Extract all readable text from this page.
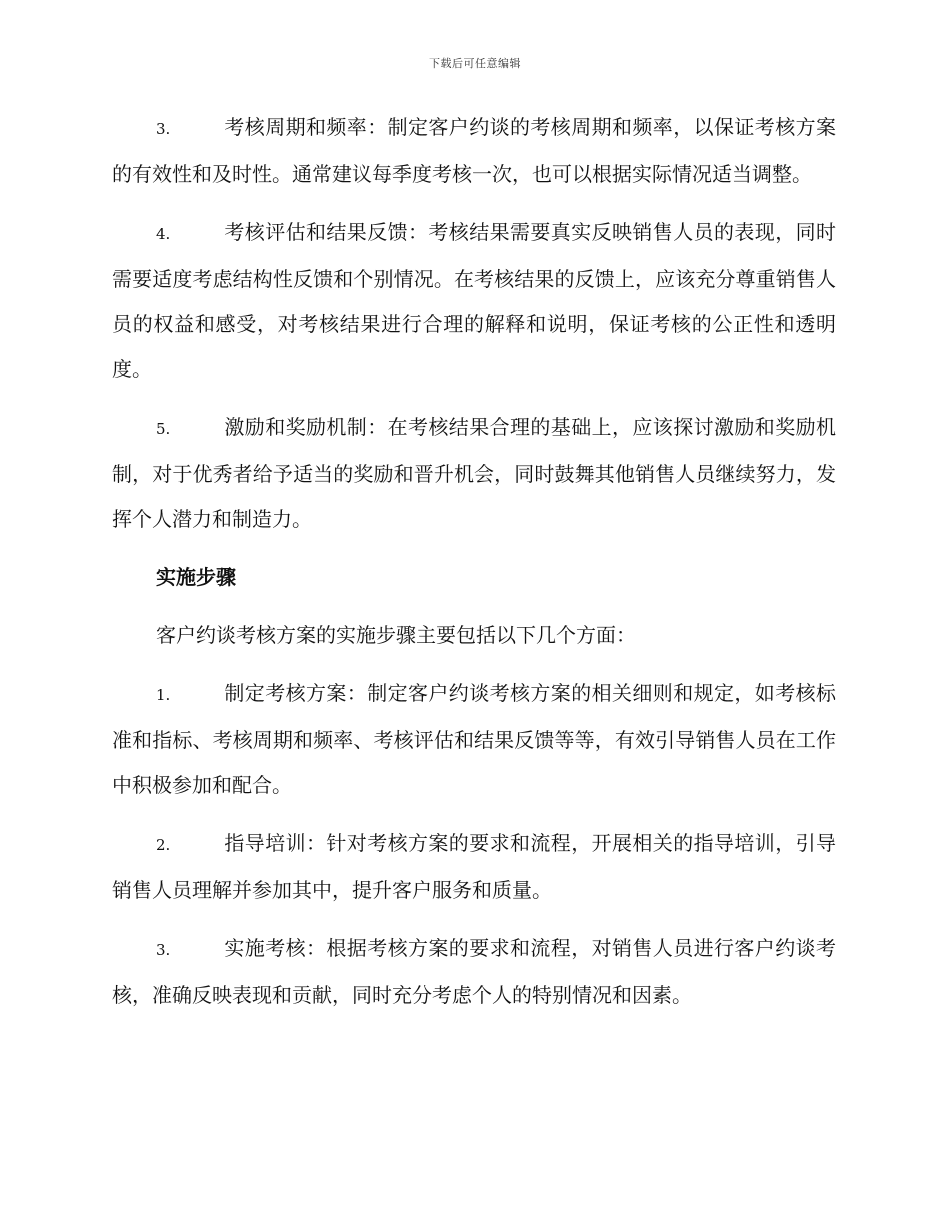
下载后可任意编辑

3.	考核周期和频率：制定客户约谈的考核周期和频率，以保证考核方案的有效性和及时性。通常建议每季度考核一次，也可以根据实际情况适当调整。

4.	考核评估和结果反馈：考核结果需要真实反映销售人员的表现，同时需要适度考虑结构性反馈和个别情况。在考核结果的反馈上，应该充分尊重销售人员的权益和感受，对考核结果进行合理的解释和说明，保证考核的公正性和透明度。

5.	激励和奖励机制：在考核结果合理的基础上，应该探讨激励和奖励机制，对于优秀者给予适当的奖励和晋升机会，同时鼓舞其他销售人员继续努力，发挥个人潜力和制造力。

实施步骤

客户约谈考核方案的实施步骤主要包括以下几个方面：

1.	制定考核方案：制定客户约谈考核方案的相关细则和规定，如考核标准和指标、考核周期和频率、考核评估和结果反馈等等，有效引导销售人员在工作中积极参加和配合。

2.	指导培训：针对考核方案的要求和流程，开展相关的指导培训，引导销售人员理解并参加其中，提升客户服务和质量。

3.	实施考核：根据考核方案的要求和流程，对销售人员进行客户约谈考核，准确反映表现和贡献，同时充分考虑个人的特别情况和因素。
